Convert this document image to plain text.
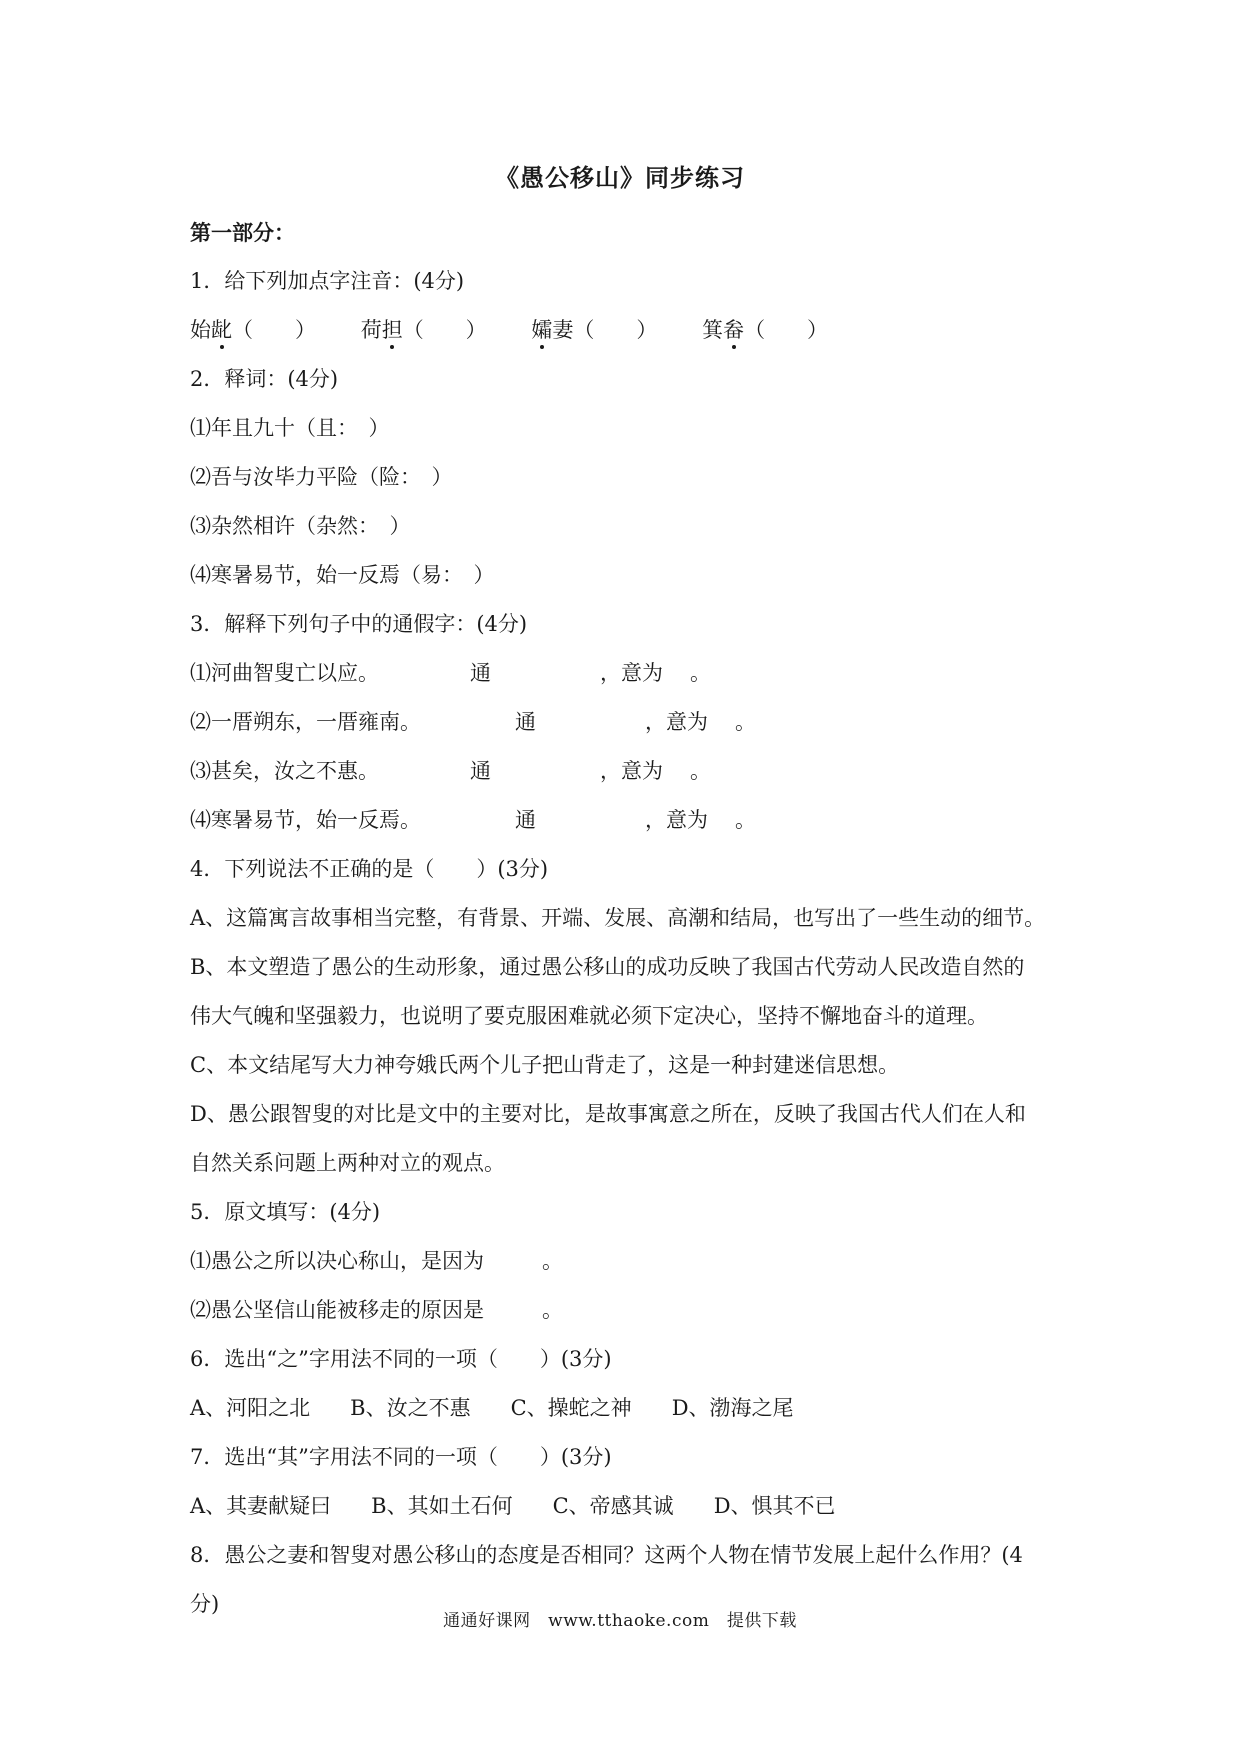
《愚公移山》同步练习
第一部分：
1．给下列加点字注音：(4分)
始龀（　　） 荷担（　　） 孀妻（　　） 箕畚（　　）
2．释词：(4分)
⑴年且九十（且：　）
⑵吾与汝毕力平险（险：　）
⑶杂然相许（杂然：　）
⑷寒暑易节，始一反焉（易：　）
3．解释下列句子中的通假字：(4分)
⑴河曲智叟亡以应。	通	，意为 。
⑵一厝朔东，一厝雍南。	通	，意为 。
⑶甚矣，汝之不惠。	通	，意为 。
⑷寒暑易节，始一反焉。	通	，意为 。
4．下列说法不正确的是（　　）(3分)
A、这篇寓言故事相当完整，有背景、开端、发展、高潮和结局，也写出了一些生动的细节。
B、本文塑造了愚公的生动形象，通过愚公移山的成功反映了我国古代劳动人民改造自然的
伟大气魄和坚强毅力，也说明了要克服困难就必须下定决心，坚持不懈地奋斗的道理。
C、本文结尾写大力神夸娥氏两个儿子把山背走了，这是一种封建迷信思想。
D、愚公跟智叟的对比是文中的主要对比，是故事寓意之所在，反映了我国古代人们在人和
自然关系问题上两种对立的观点。
5．原文填写：(4分)
⑴愚公之所以决心称山，是因为	。
⑵愚公坚信山能被移走的原因是	。
6．选出“之”字用法不同的一项（　　）(3分)
A、河阳之北 B、汝之不惠 C、操蛇之神 D、渤海之尾
7．选出“其”字用法不同的一项（　　）(3分)
A、其妻献疑曰 B、其如土石何 C、帝感其诚 D、惧其不已
8．愚公之妻和智叟对愚公移山的态度是否相同？这两个人物在情节发展上起什么作用？(4
分)
通通好课网　www.tthaoke.com　提供下载
